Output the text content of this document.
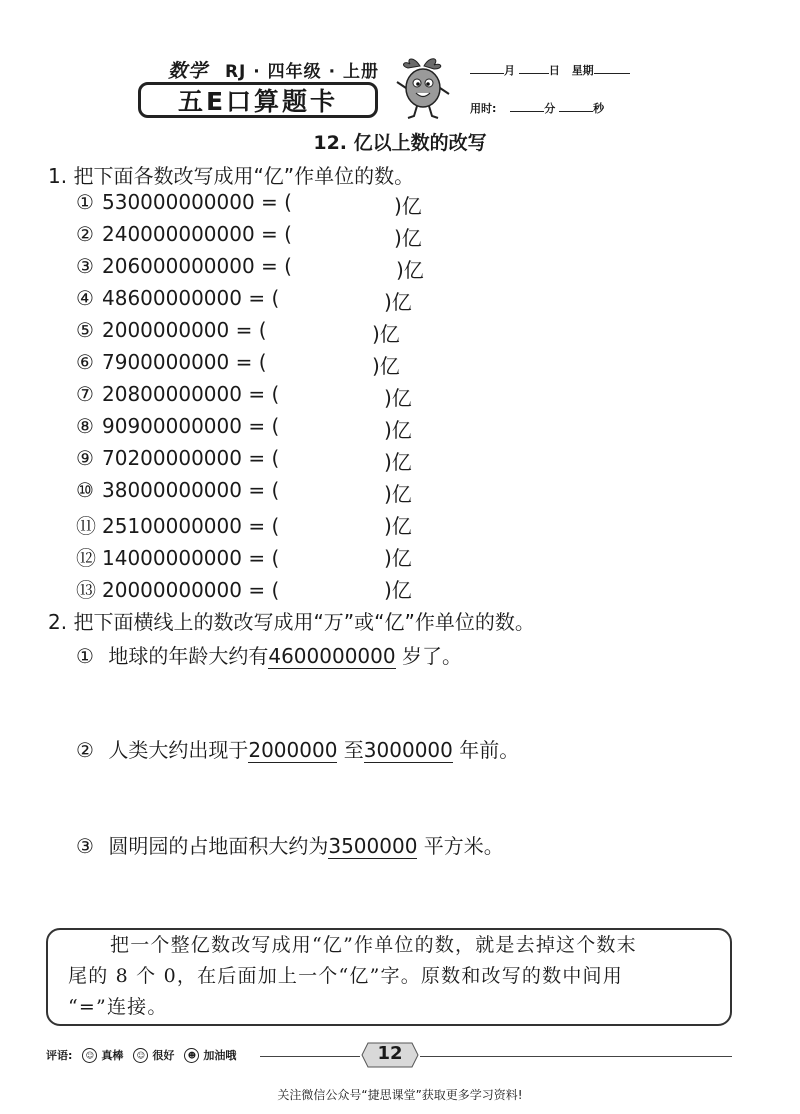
数学 RJ · 四年级 · 上册
五E口算题卡
月	日 星期
用时:	分	秒
12. 亿以上数的改写
1. 把下面各数改写成用“亿”作单位的数。
① 530000000000 = (	)亿
② 240000000000 = (	)亿
③ 206000000000 = (	)亿
④ 48600000000 = (	)亿
⑤ 2000000000 = (	)亿
⑥ 7900000000 = (	)亿
⑦ 20800000000 = (	)亿
⑧ 90900000000 = (	)亿
⑨ 70200000000 = (	)亿
⑩ 38000000000 = (	)亿
⑪ 25100000000 = (	)亿
⑫ 14000000000 = (	)亿
⑬ 20000000000 = (	)亿
2. 把下面横线上的数改写成用“万”或“亿”作单位的数。
① 地球的年龄大约有4600000000 岁了。
② 人类大约出现于2000000 至3000000 年前。
③ 圆明园的占地面积大约为3500000 平方米。
把一个整亿数改写成用“亿”作单位的数，就是去掉这个数末
尾的 8 个 0，在后面加上一个“亿”字。原数和改写的数中间用
“=”连接。
评语:	☺ 真棒	☺ 很好	☻ 加油哦	12
关注微信公众号“捷思课堂”获取更多学习资料!
